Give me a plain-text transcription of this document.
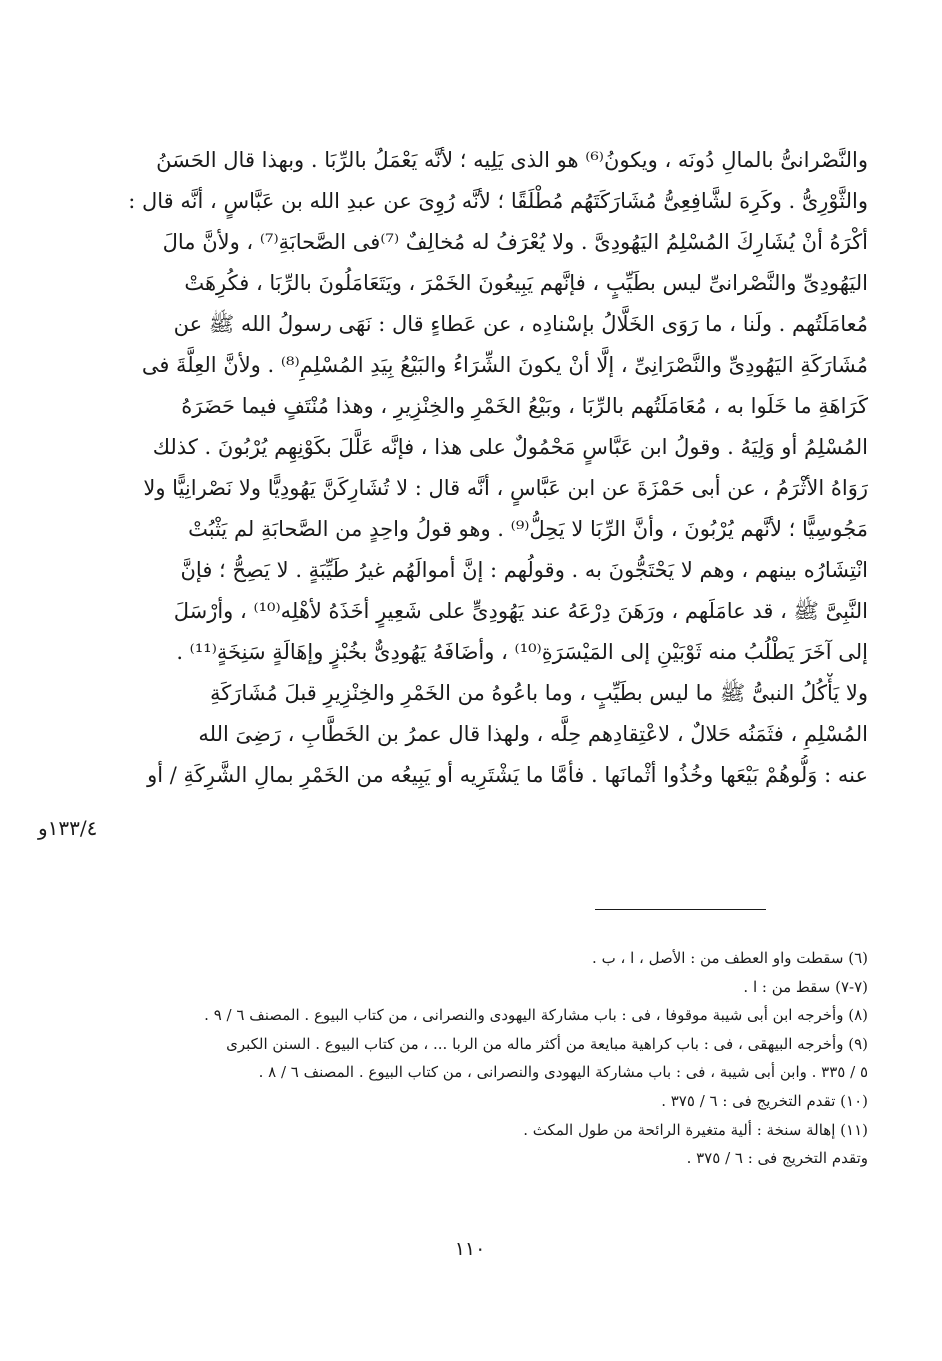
والنَّصْرانىُّ بالمالِ دُونَه ، ويكونُ⁽⁶⁾ هو الذى يَلِيه ؛ لأنَّه يَعْمَلُ بالرِّبَا . وبهذا قال الحَسَنُ
والثَّوْرِىُّ . وكَرِهَ لشَّافِعِىُّ مُشَارَكَتَهُم مُطْلَقًا ؛ لأنَّه رُوِىَ عن عبدِ الله بن عَبَّاسٍ ، أنَّه قال :
أكْرَهُ أنْ يُشَارِكَ المُسْلِمُ اليَهُودِىَّ . ولا يُعْرَفُ له مُخالِفٌ ⁽⁷⁾فى الصَّحابَةِ⁽⁷⁾ ، ولأنَّ مالَ
اليَهُودِىِّ والنَّصْرانىِّ ليس بطَيِّبٍ ، فإنَّهم يَبِيعُونَ الخَمْرَ ، ويَتَعَامَلُونَ بالرِّبَا ، فكُرِهَتْ
مُعامَلَتُهم . ولَنا ، ما رَوَى الخَلَّالُ بإسْنادِه ، عن عَطاءٍ قال : نَهَى رسولُ الله ﷺ عن
مُشَارَكَةِ اليَهُودِىِّ والنَّصْرَانِىِّ ، إلَّا أنْ يكونَ الشِّرَاءُ والبَيْعُ بِيَدِ المُسْلِمِ⁽⁸⁾ . ولأنَّ العِلَّةَ فى
كَرَاهَةِ ما خَلَوا به ، مُعَامَلَتُهم بالرِّبَا ، وبَيْعُ الخَمْرِ والخِنْزِيرِ ، وهذا مُنْتَفٍ فيما حَضَرَهُ
المُسْلِمُ أو وَلِيَهُ . وقولُ ابن عَبَّاسٍ مَحْمُولٌ على هذا ، فإنَّه عَلَّلَ بكَوْنِهِم يُرْبُونَ . كذلك
رَوَاهُ الأثْرَمُ ، عن أبى حَمْزَةَ عن ابن عَبَّاسٍ ، أنَّه قال : لا تُشَارِكَنَّ يَهُودِيًّا ولا نَصْرانِيًّا ولا
مَجُوسِيًّا ؛ لأنَّهم يُرْبُونَ ، وأنَّ الرِّبَا لا يَحِلُّ⁽⁹⁾ . وهو قولُ واحِدٍ من الصَّحابَةِ لم يَثْبُتْ
انْتِشَارُه بينهم ، وهم لا يَحْتَجُّونَ به . وقولُهم : إنَّ أموالَهُم غيرُ طَيِّبَةٍ . لا يَصِحُّ ؛ فإنَّ
النَّبِىَّ ﷺ ، قد عامَلَهم ، ورَهَنَ دِرْعَهُ عند يَهُودِىٍّ على شَعِيرٍ أخَذَهُ لأهْلِه⁽¹⁰⁾ ، وأرْسَلَ
إلى آخَرَ يَطْلُبُ منه ثَوْبَيْنِ إلى المَيْسَرَةِ⁽¹⁰⁾ ، وأضَافَهُ يَهُودِىٌّ بخُبْزٍ وإهَالَةٍ سَنِخَةٍ⁽¹¹⁾ .
ولا يَأْكُلُ النبىُّ ﷺ ما ليس بطَيِّبٍ ، وما باعُوهُ من الخَمْرِ والخِنْزِيرِ قبلَ مُشَارَكَةِ
المُسْلِمِ ، فثَمَنُه حَلالٌ ، لاعْتِقادِهم حِلَّه ، ولهذا قال عمرُ بن الخَطَّابِ ، رَضِىَ الله
عنه : وَلُّوهُمْ بَيْعَها وخُذُوا أثْمانَها . فأمَّا ما يَشْتَرِيه أو يَبِيعُه من الخَمْرِ بمالِ الشَّرِكَةِ / أو
١٣٣/٤و
(٦) سقطت واو العطف من : الأصل ، ا ، ب .
(٧-٧) سقط من : ا .
(٨) وأخرجه ابن أبى شيبة موقوفا ، فى : باب مشاركة اليهودى والنصرانى ، من كتاب البيوع . المصنف ٦ / ٩ .
(٩) وأخرجه البيهقى ، فى : باب كراهية مبايعة من أكثر ماله من الربا ... ، من كتاب البيوع . السنن الكبرى
٥ / ٣٣٥ . وابن أبى شيبة ، فى : باب مشاركة اليهودى والنصرانى ، من كتاب البيوع . المصنف ٦ / ٨ .
(١٠) تقدم التخريج فى : ٦ / ٣٧٥ .
(١١) إهالة سنخة : ألية متغيرة الرائحة من طول المكث .
وتقدم التخريج فى : ٦ / ٣٧٥ .
١١٠
